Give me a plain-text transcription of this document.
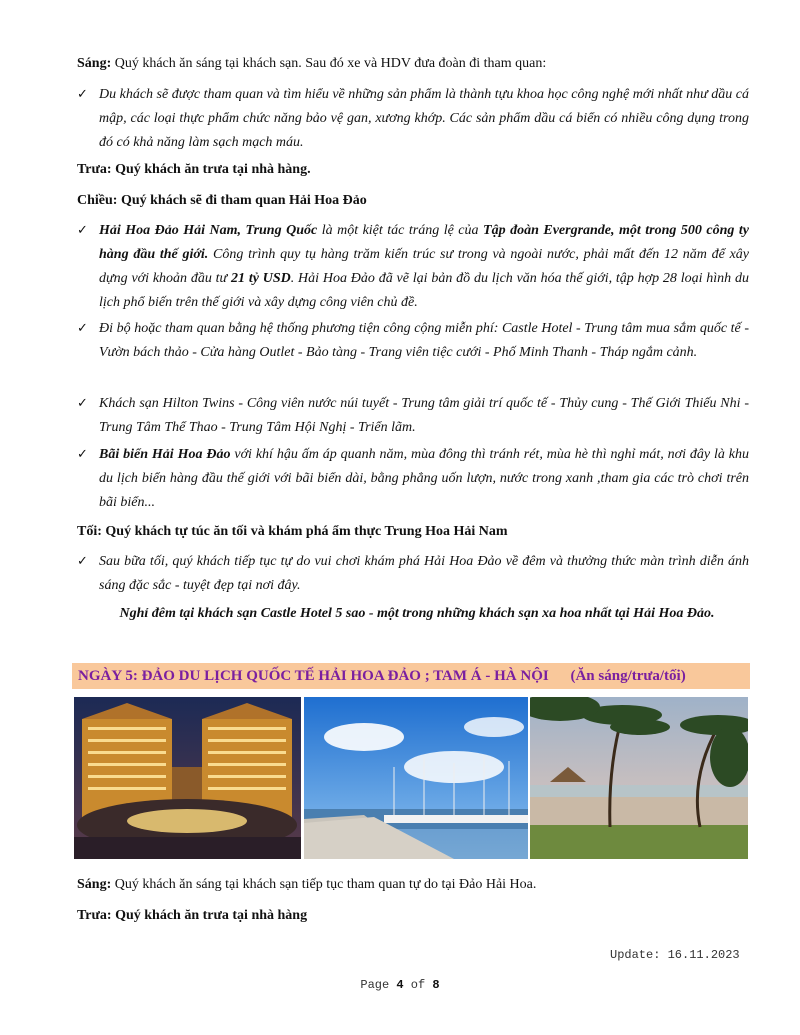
Sáng: Quý khách ăn sáng tại khách sạn. Sau đó xe và HDV đưa đoàn đi tham quan:

✓ Du khách sẽ được tham quan và tìm hiểu về những sản phẩm là thành tựu khoa học công nghệ mới nhất như dầu cá mập, các loại thực phẩm chức năng bảo vệ gan, xương khớp. Các sản phẩm dầu cá biển có nhiều công dụng trong đó có khả năng làm sạch mạch máu.

Trưa: Quý khách ăn trưa tại nhà hàng.

Chiều: Quý khách sẽ đi tham quan Hải Hoa Đảo

✓ Hải Hoa Đảo Hải Nam, Trung Quốc là một kiệt tác tráng lệ của Tập đoàn Evergrande, một trong 500 công ty hàng đầu thế giới. Công trình quy tụ hàng trăm kiến trúc sư trong và ngoài nước, phải mất đến 12 năm để xây dựng với khoản đầu tư 21 tỷ USD. Hải Hoa Đảo đã vẽ lại bản đồ du lịch văn hóa thế giới, tập hợp 28 loại hình du lịch phổ biến trên thế giới và xây dựng công viên chủ đề.
✓ Đi bộ hoặc tham quan bằng hệ thống phương tiện công cộng miễn phí: Castle Hotel - Trung tâm mua sắm quốc tế - Vườn bách thảo - Cửa hàng Outlet - Bảo tàng - Trang viên tiệc cưới - Phố Minh Thanh - Tháp ngắm cảnh.
✓ Khách sạn Hilton Twins - Công viên nước núi tuyết - Trung tâm giải trí quốc tế - Thủy cung - Thế Giới Thiếu Nhi - Trung Tâm Thể Thao - Trung Tâm Hội Nghị - Triển lãm.
✓ Bãi biển Hải Hoa Đảo với khí hậu ấm áp quanh năm, mùa đông thì tránh rét, mùa hè thì nghỉ mát, nơi đây là khu du lịch biển hàng đầu thế giới với bãi biển dài, bằng phẳng uốn lượn, nước trong xanh ,tham gia các trò chơi trên bãi biển...

Tối: Quý khách tự túc ăn tối và khám phá ẩm thực Trung Hoa Hải Nam

✓ Sau bữa tối, quý khách tiếp tục tự do vui chơi khám phá Hải Hoa Đảo về đêm và thưởng thức màn trình diễn ánh sáng đặc sắc - tuyệt đẹp tại nơi đây.
Nghỉ đêm tại khách sạn Castle Hotel 5 sao - một trong những khách sạn xa hoa nhất tại Hải Hoa Đảo.
NGÀY 5: ĐẢO DU LỊCH QUỐC TẾ HẢI HOA ĐẢO ; TAM Á - HÀ NỘI (Ăn sáng/trưa/tối)

Sáng: Quý khách ăn sáng tại khách sạn tiếp tục tham quan tự do tại Đảo Hải Hoa.

Trưa: Quý khách ăn trưa tại nhà hàng

Update: 16.11.2023
Page 4 of 8
